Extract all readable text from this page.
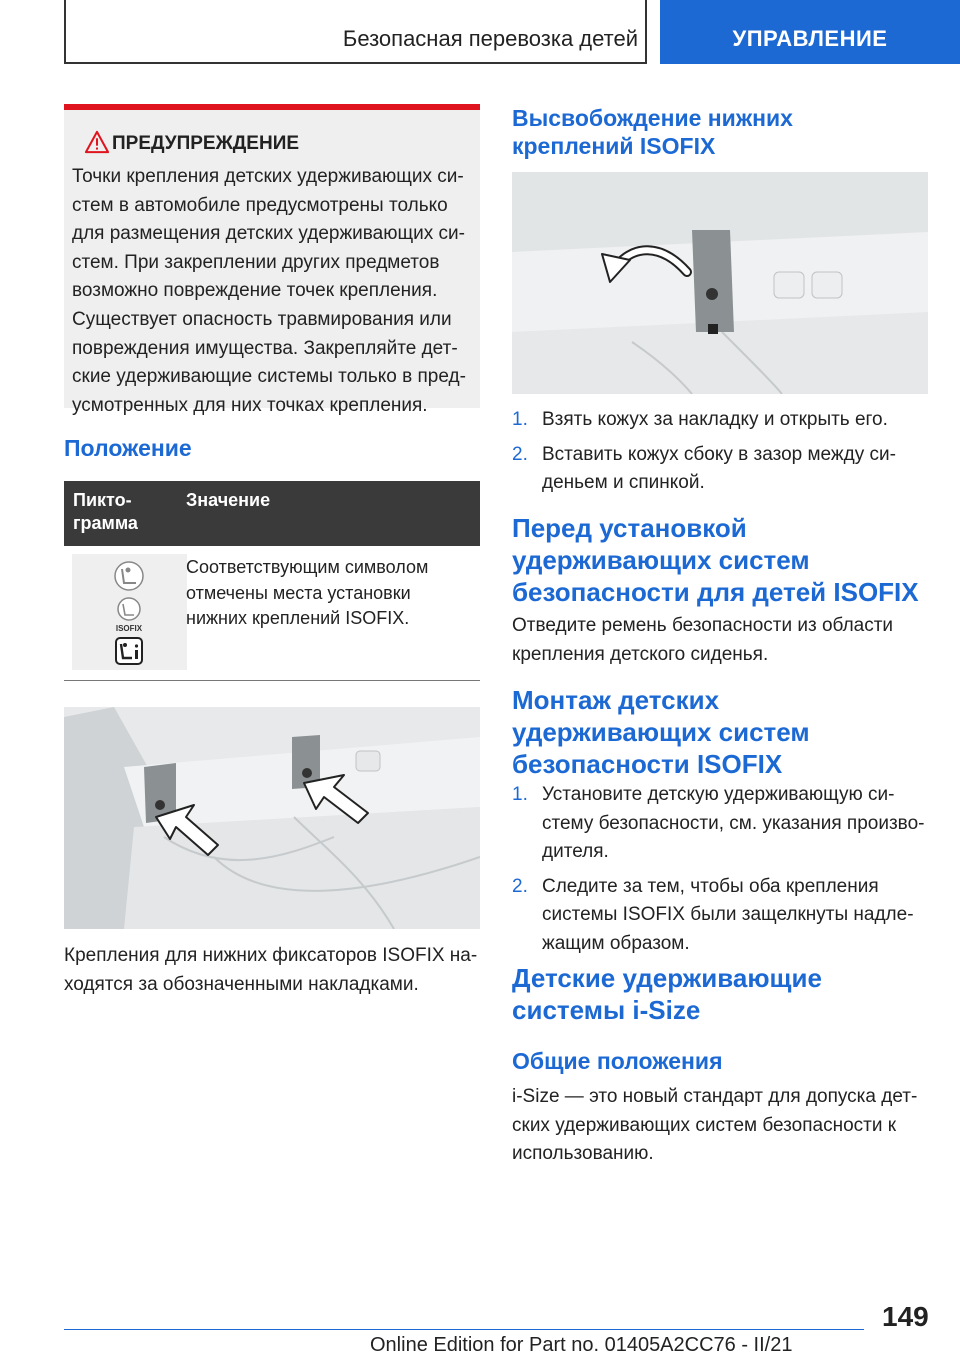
Безопасная перевозка детей	УПРАВЛЕНИЕ
ПРЕДУПРЕЖДЕНИЕ
Точки крепления детских удерживающих си-
стем в автомобиле предусмотрены только
для размещения детских удерживающих си-
стем. При закреплении других предметов
возможно повреждение точек крепления.
Существует опасность травмирования или
повреждения имущества. Закрепляйте дет-
ские удерживающие системы только в пред-
усмотренных для них точках крепления.
Положение
Пикто-
грамма
Значение
ISOFIX
Соответствующим символом
отмечены места установки
нижних креплений ISOFIX.
Крепления для нижних фиксаторов ISOFIX на-
ходятся за обозначенными накладками.
Высвобождение нижних
креплений ISOFIX
1. Взять кожух за накладку и открыть его.
2. Вставить кожух сбоку в зазор между си-
деньем и спинкой.
Перед установкой
удерживающих систем
безопасности для детей ISOFIX
Отведите ремень безопасности из области
крепления детского сиденья.
Монтаж детских
удерживающих систем
безопасности ISOFIX
1. Установите детскую удерживающую си-
стему безопасности, см. указания произво-
дителя.
2. Следите за тем, чтобы оба крепления
системы ISOFIX были защелкнуты надле-
жащим образом.
Детские удерживающие
системы i-Size
Общие положения
i-Size — это новый стандарт для допуска дет-
ских удерживающих систем безопасности к
использованию.
149
Online Edition for Part no. 01405A2CC76 - II/21
